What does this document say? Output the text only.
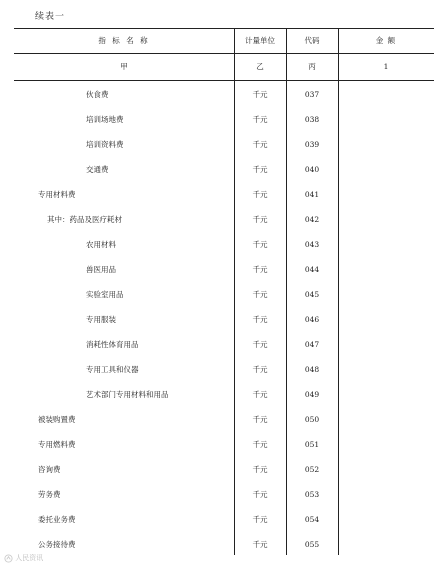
续表一
指 标 名 称	计量单位	代码	金 额
甲	乙	丙	1
伙食费	千元	037
培训场地费	千元	038
培训资料费	千元	039
交通费	千元	040
专用材料费	千元	041
其中：药品及医疗耗材	千元	042
农用材料	千元	043
兽医用品	千元	044
实验室用品	千元	045
专用服装	千元	046
消耗性体育用品	千元	047
专用工具和仪器	千元	048
艺术部门专用材料和用品	千元	049
被装购置费	千元	050
专用燃料费	千元	051
咨询费	千元	052
劳务费	千元	053
委托业务费	千元	054
公务接待费	千元	055
人民资讯
